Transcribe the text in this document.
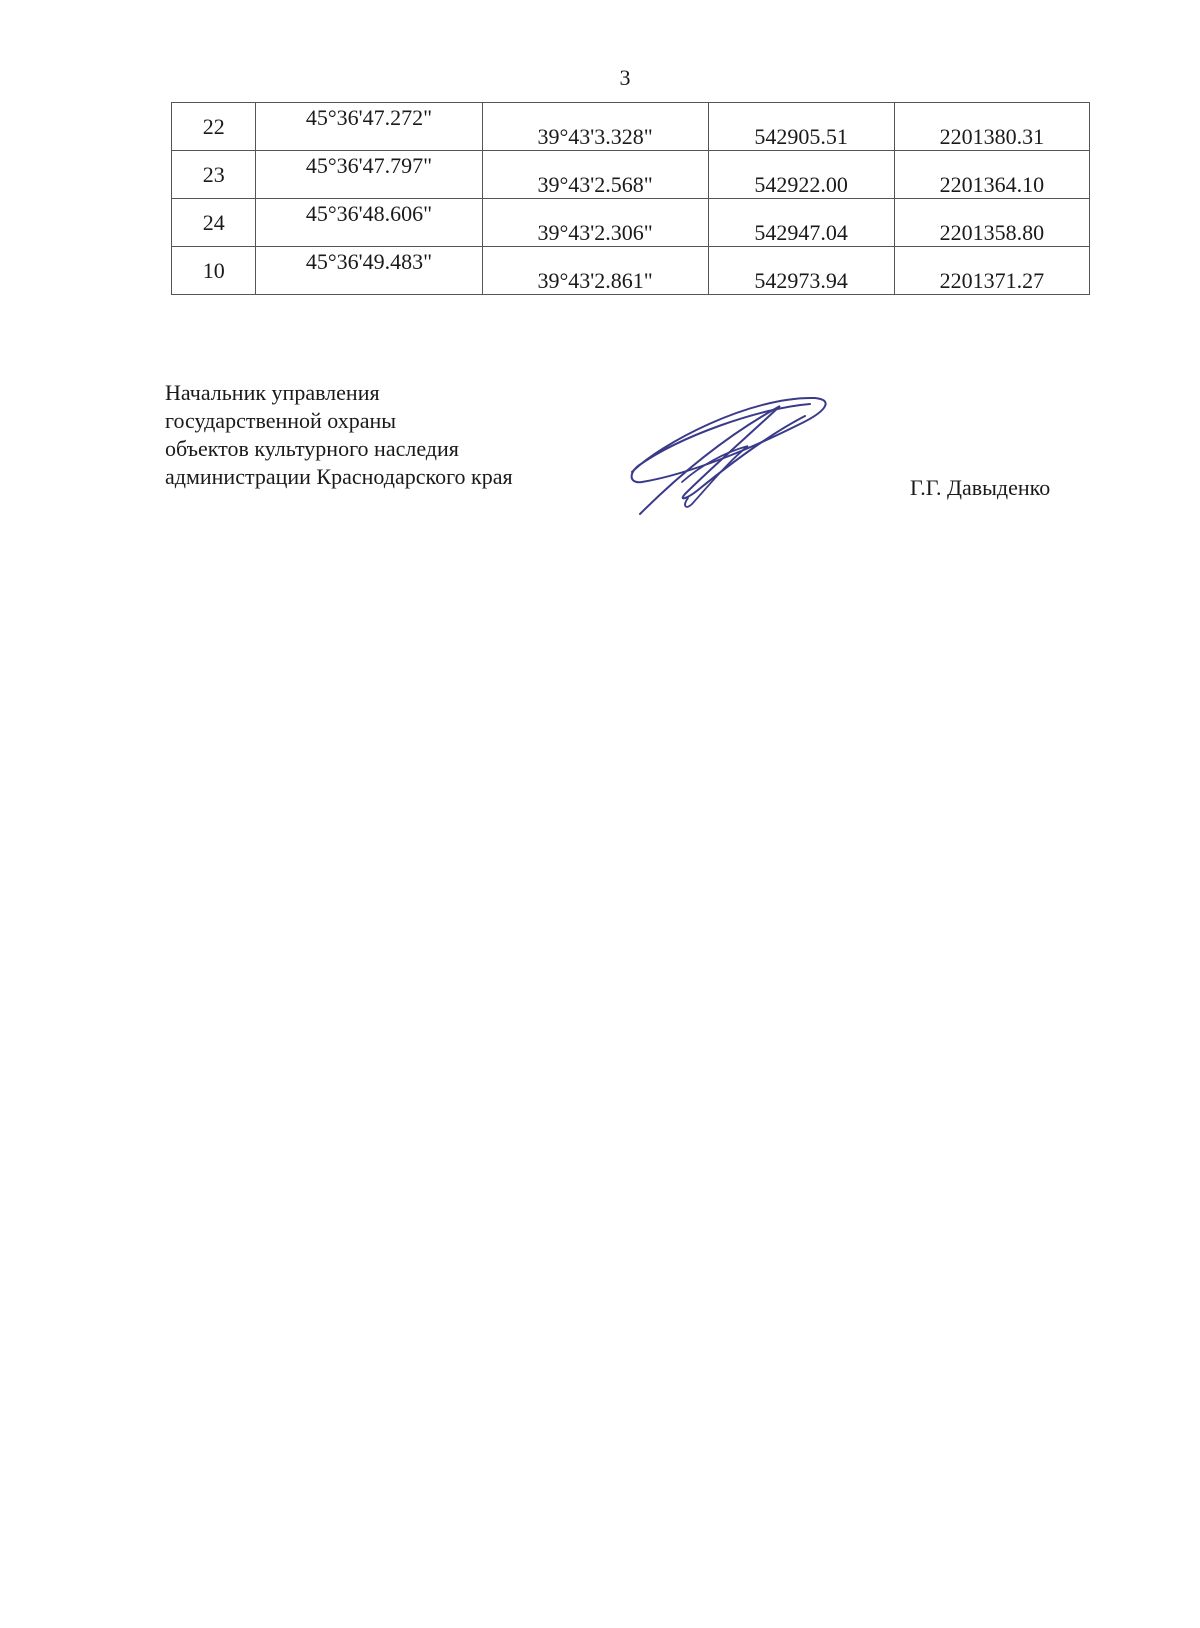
3
22	45°36'47.272"	39°43'3.328"	542905.51	2201380.31
23	45°36'47.797"	39°43'2.568"	542922.00	2201364.10
24	45°36'48.606"	39°43'2.306"	542947.04	2201358.80
10	45°36'49.483"	39°43'2.861"	542973.94	2201371.27
Начальник управления
государственной охраны
объектов культурного наследия
администрации Краснодарского края	Г.Г. Давыденко
